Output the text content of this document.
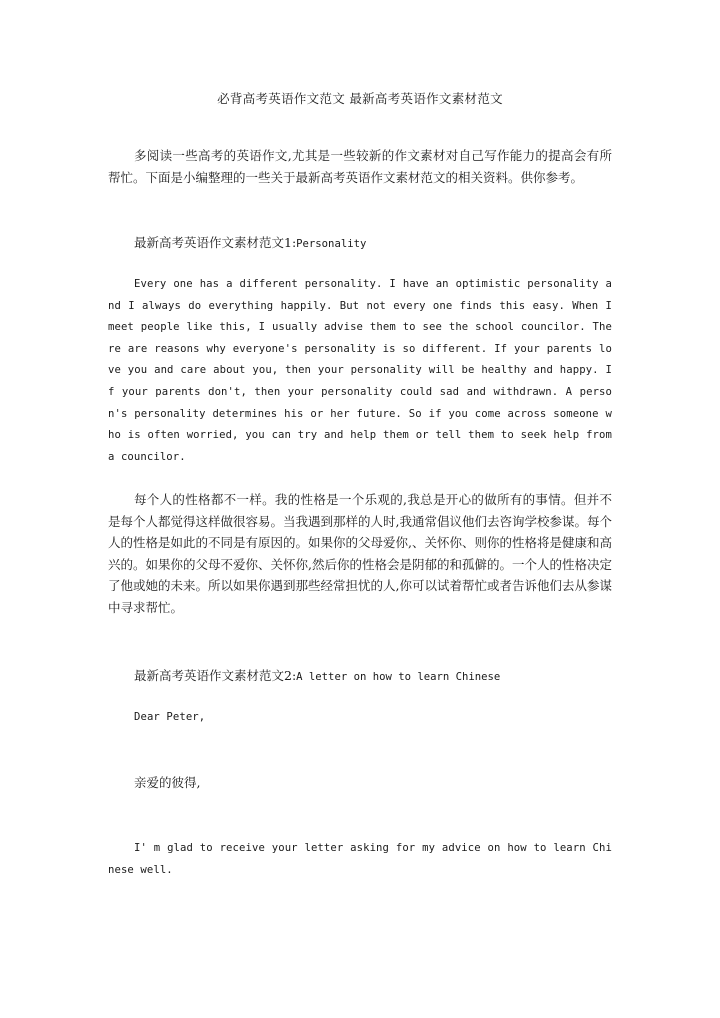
必背高考英语作文范文 最新高考英语作文素材范文

多阅读一些高考的英语作文,尤其是一些较新的作文素材对自己写作能力的提高会有所帮忙。下面是小编整理的一些关于最新高考英语作文素材范文的相关资料。供你参考。

最新高考英语作文素材范文1:Personality

Every one has a different personality. I have an optimistic personality and I always do everything happily. But not every one finds this easy. When I meet people like this, I usually advise them to see the school councilor. There are reasons why everyone's personality is so different. If your parents love you and care about you, then your personality will be healthy and happy. If your parents don't, then your personality could sad and withdrawn. A person's personality determines his or her future. So if you come across someone who is often worried, you can try and help them or tell them to seek help from a councilor.

每个人的性格都不一样。我的性格是一个乐观的,我总是开心的做所有的事情。但并不是每个人都觉得这样做很容易。当我遇到那样的人时,我通常倡议他们去咨询学校参谋。每个人的性格是如此的不同是有原因的。如果你的父母爱你,、关怀你、则你的性格将是健康和高兴的。如果你的父母不爱你、关怀你,然后你的性格会是阴郁的和孤僻的。一个人的性格决定了他或她的未来。所以如果你遇到那些经常担忧的人,你可以试着帮忙或者告诉他们去从参谋中寻求帮忙。

最新高考英语作文素材范文2:A letter on how to learn Chinese
Dear Peter,
亲爱的彼得,

I' m glad to receive your letter asking for my advice on how to learn Chinese well.
